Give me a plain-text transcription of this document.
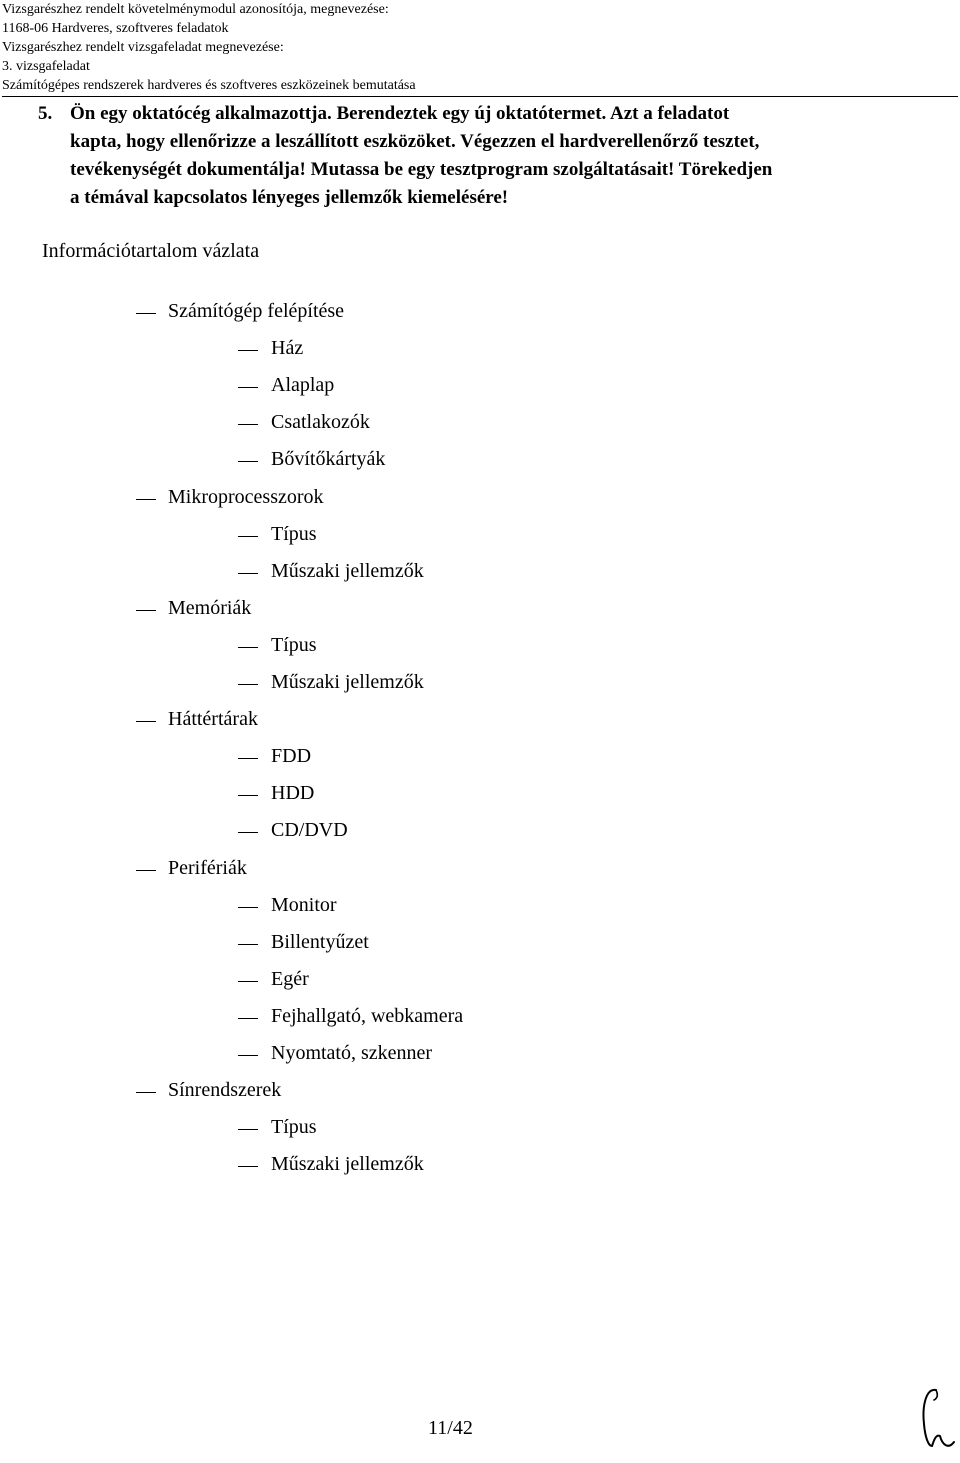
Vizsgarészhez rendelt követelménymodul azonosítója, megnevezése:
1168-06 Hardveres, szoftveres feladatok
Vizsgarészhez rendelt vizsgafeladat megnevezése:
3. vizsgafeladat
Számítógépes rendszerek hardveres és szoftveres eszközeinek bemutatása
5. Ön egy oktatócég alkalmazottja. Berendeztek egy új oktatótermet. Azt a feladatot
kapta, hogy ellenőrizze a leszállított eszközöket. Végezzen el hardverellenőrző tesztet,
tevékenységét dokumentálja! Mutassa be egy tesztprogram szolgáltatásait! Törekedjen
a témával kapcsolatos lényeges jellemzők kiemelésére!
Információtartalom vázlata
Számítógép felépítése
Ház
Alaplap
Csatlakozók
Bővítőkártyák
Mikroprocesszorok
Típus
Műszaki jellemzők
Memóriák
Típus
Műszaki jellemzők
Háttértárak
FDD
HDD
CD/DVD
Perifériák
Monitor
Billentyűzet
Egér
Fejhallgató, webkamera
Nyomtató, szkenner
Sínrendszerek
Típus
Műszaki jellemzők
11/42
